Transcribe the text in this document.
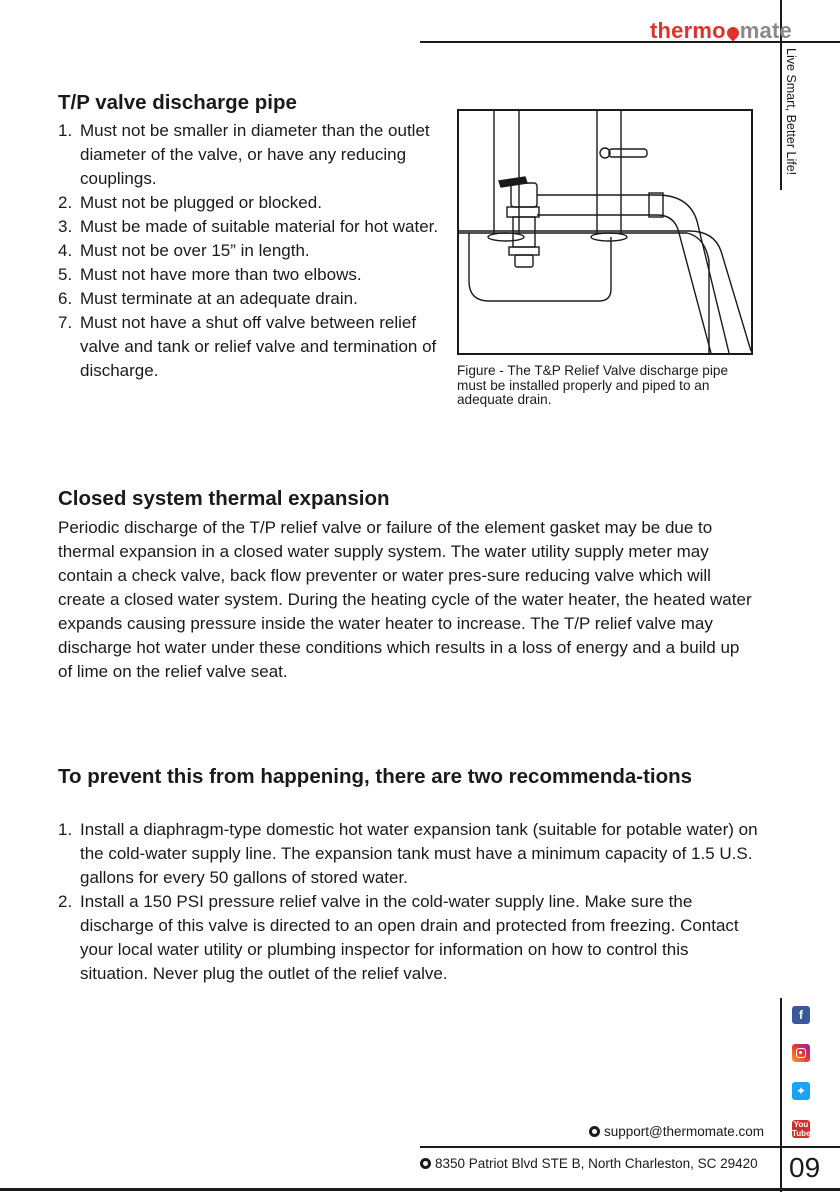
thermo mate
Live Smart, Better Life!
T/P valve discharge pipe
1. Must not be smaller in diameter than the outlet diameter of the valve, or have any reducing couplings.
2. Must not be plugged or blocked.
3. Must be made of suitable material for hot water.
4. Must not be over 15” in length.
5. Must not have more than two elbows.
6. Must terminate at an adequate drain.
7. Must not have a shut off valve between relief valve and tank or relief valve and termination of discharge.	Figure - The T&P Relief Valve discharge pipe must be installed properly and piped to an adequate drain.

Closed system thermal expansion

Periodic discharge of the T/P relief valve or failure of the element gasket may be due to thermal expansion in a closed water supply system. The water utility supply meter may contain a check valve, back flow preventer or water pres-sure reducing valve which will create a closed water system. During the heating cycle of the water heater, the heated water expands causing pressure inside the water heater to increase. The T/P relief valve may discharge hot water under these conditions which results in a loss of energy and a build up of lime on the relief valve seat.

To prevent this from happening, there are two recommenda-tions
1. Install a diaphragm-type domestic hot water expansion tank (suitable for potable water) on the cold-water supply line. The expansion tank must have a minimum capacity of 1.5 U.S. gallons for every 50 gallons of stored water.
2. Install a 150 PSI pressure relief valve in the cold-water supply line. Make sure the discharge of this valve is directed to an open drain and protected from freezing. Contact your local water utility or plumbing inspector for information on how to control this situation. Never plug the outlet of the relief valve.
f
✦
You Tube
support@thermomate.com
8350 Patriot Blvd STE B, North Charleston, SC 29420 09
